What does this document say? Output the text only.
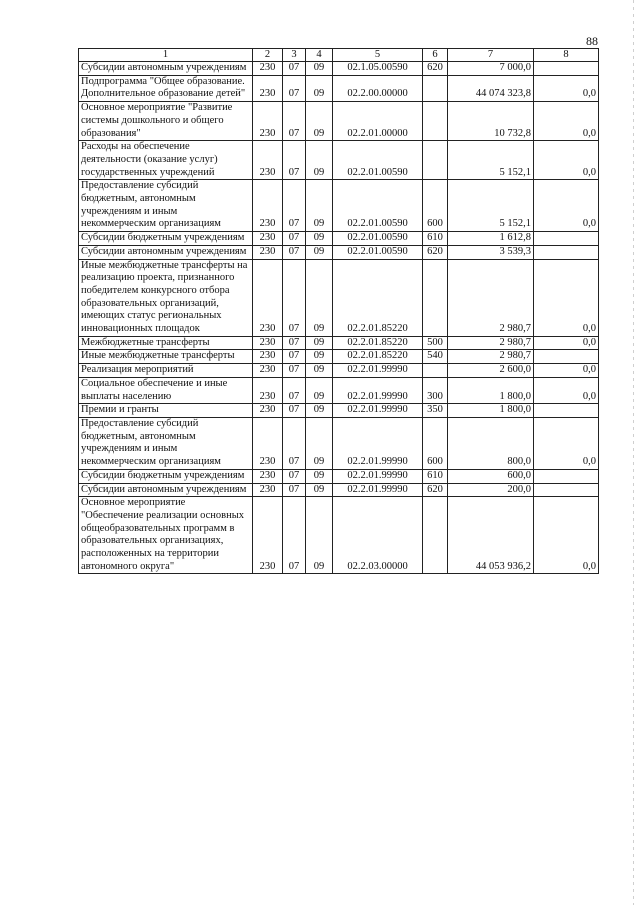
88
1	2	3	4	5	6	7	8
Субсидии автономным учреждениям	230	07	09	02.1.05.00590	620	7 000,0	
Подпрограмма "Общее образование. Дополнительное образование детей"	230	07	09	02.2.00.00000		44 074 323,8	0,0
Основное мероприятие "Развитие системы дошкольного и общего образования"	230	07	09	02.2.01.00000		10 732,8	0,0
Расходы на обеспечение деятельности (оказание услуг) государственных учреждений	230	07	09	02.2.01.00590		5 152,1	0,0
Предоставление субсидий бюджетным, автономным учреждениям и иным некоммерческим организациям	230	07	09	02.2.01.00590	600	5 152,1	0,0
Субсидии бюджетным учреждениям	230	07	09	02.2.01.00590	610	1 612,8	
Субсидии автономным учреждениям	230	07	09	02.2.01.00590	620	3 539,3	
Иные межбюджетные трансферты на реализацию проекта, признанного победителем конкурсного отбора образовательных организаций, имеющих статус региональных инновационных площадок	230	07	09	02.2.01.85220		2 980,7	0,0
Межбюджетные трансферты	230	07	09	02.2.01.85220	500	2 980,7	0,0
Иные межбюджетные трансферты	230	07	09	02.2.01.85220	540	2 980,7	
Реализация мероприятий	230	07	09	02.2.01.99990		2 600,0	0,0
Социальное обеспечение и иные выплаты населению	230	07	09	02.2.01.99990	300	1 800,0	0,0
Премии и гранты	230	07	09	02.2.01.99990	350	1 800,0	
Предоставление субсидий бюджетным, автономным учреждениям и иным некоммерческим организациям	230	07	09	02.2.01.99990	600	800,0	0,0
Субсидии бюджетным учреждениям	230	07	09	02.2.01.99990	610	600,0	
Субсидии автономным учреждениям	230	07	09	02.2.01.99990	620	200,0	
Основное мероприятие "Обеспечение реализации основных общеобразовательных программ в образовательных организациях, расположенных на территории автономного округа"	230	07	09	02.2.03.00000		44 053 936,2	0,0
